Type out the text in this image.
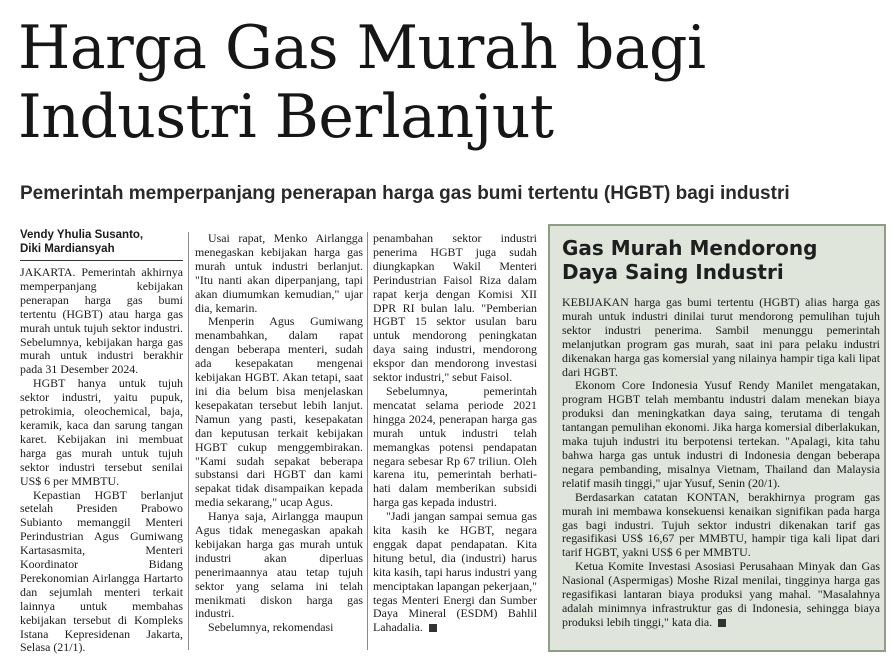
Harga Gas Murah bagi Industri Berlanjut
Pemerintah memperpanjang penerapan harga gas bumi tertentu (HGBT) bagi industri
Vendy Yhulia Susanto,
Diki Mardiansyah

JAKARTA. Pemerintah akhirnya memperpanjang kebijakan penerapan harga gas bumi tertentu (HGBT) atau harga gas murah untuk tujuh sektor industri. Sebelumnya, kebijakan harga gas murah untuk industri berakhir pada 31 Desember 2024.

HGBT hanya untuk tujuh sektor industri, yaitu pupuk, petrokimia, oleochemical, baja, keramik, kaca dan sarung tangan karet. Kebijakan ini membuat harga gas murah untuk tujuh sektor industri tersebut senilai US$ 6 per MMBTU.

Kepastian HGBT berlanjut setelah Presiden Prabowo Subianto memanggil Menteri Perindustrian Agus Gumiwang Kartasasmita, Menteri Koordinator Bidang Perekonomian Airlangga Hartarto dan sejumlah menteri terkait lainnya untuk membahas kebijakan tersebut di Kompleks Istana Kepresidenan Jakarta, Selasa (21/1).

Usai rapat, Menko Airlangga menegaskan kebijakan harga gas murah untuk industri berlanjut. "Itu nanti akan diperpanjang, tapi akan diumumkan kemudian," ujar dia, kemarin.

Menperin Agus Gumiwang menambahkan, dalam rapat dengan beberapa menteri, sudah ada kesepakatan mengenai kebijakan HGBT. Akan tetapi, saat ini dia belum bisa menjelaskan kesepakatan tersebut lebih lanjut. Namun yang pasti, kesepakatan dan keputusan terkait kebijakan HGBT cukup menggembirakan. "Kami sudah sepakat beberapa substansi dari HGBT dan kami sepakat tidak disampaikan kepada media sekarang," ucap Agus.

Hanya saja, Airlangga maupun Agus tidak menegaskan apakah kebijakan harga gas murah untuk industri akan diperluas penerimaannya atau tetap tujuh sektor yang selama ini telah menikmati diskon harga gas industri.

Sebelumnya, rekomendasi

penambahan sektor industri penerima HGBT juga sudah diungkapkan Wakil Menteri Perindustrian Faisol Riza dalam rapat kerja dengan Komisi XII DPR RI bulan lalu. "Pemberian HGBT 15 sektor usulan baru untuk mendorong peningkatan daya saing industri, mendorong ekspor dan mendorong investasi sektor industri," sebut Faisol.

Sebelumnya, pemerintah mencatat selama periode 2021 hingga 2024, penerapan harga gas murah untuk industri telah memangkas potensi pendapatan negara sebesar Rp 67 triliun. Oleh karena itu, pemerintah berhati-hati dalam memberikan subsidi harga gas kepada industri.

"Jadi jangan sampai semua gas kita kasih ke HGBT, negara enggak dapat pendapatan. Kita hitung betul, dia (industri) harus kita kasih, tapi harus industri yang menciptakan lapangan pekerjaan," tegas Menteri Energi dan Sumber Daya Mineral (ESDM) Bahlil Lahadalia.

Gas Murah Mendorong Daya Saing Industri

KEBIJAKAN harga gas bumi tertentu (HGBT) alias harga gas murah untuk industri dinilai turut mendorong pemulihan tujuh sektor industri penerima. Sambil menunggu pemerintah melanjutkan program gas murah, saat ini para pelaku industri dikenakan harga gas komersial yang nilainya hampir tiga kali lipat dari HGBT.

Ekonom Core Indonesia Yusuf Rendy Manilet mengatakan, program HGBT telah membantu industri dalam menekan biaya produksi dan meningkatkan daya saing, terutama di tengah tantangan pemulihan ekonomi. Jika harga komersial diberlakukan, maka tujuh industri itu berpotensi tertekan. "Apalagi, kita tahu bahwa harga gas untuk industri di Indonesia dengan beberapa negara pembanding, misalnya Vietnam, Thailand dan Malaysia relatif masih tinggi," ujar Yusuf, Senin (20/1).

Berdasarkan catatan KONTAN, berakhirnya program gas murah ini membawa konsekuensi kenaikan signifikan pada harga gas bagi industri. Tujuh sektor industri dikenakan tarif gas regasifikasi US$ 16,67 per MMBTU, hampir tiga kali lipat dari tarif HGBT, yakni US$ 6 per MMBTU.

Ketua Komite Investasi Asosiasi Perusahaan Minyak dan Gas Nasional (Aspermigas) Moshe Rizal menilai, tingginya harga gas regasifikasi lantaran biaya produksi yang mahal. "Masalahnya adalah minimnya infrastruktur gas di Indonesia, sehingga biaya produksi lebih tinggi," kata dia.
